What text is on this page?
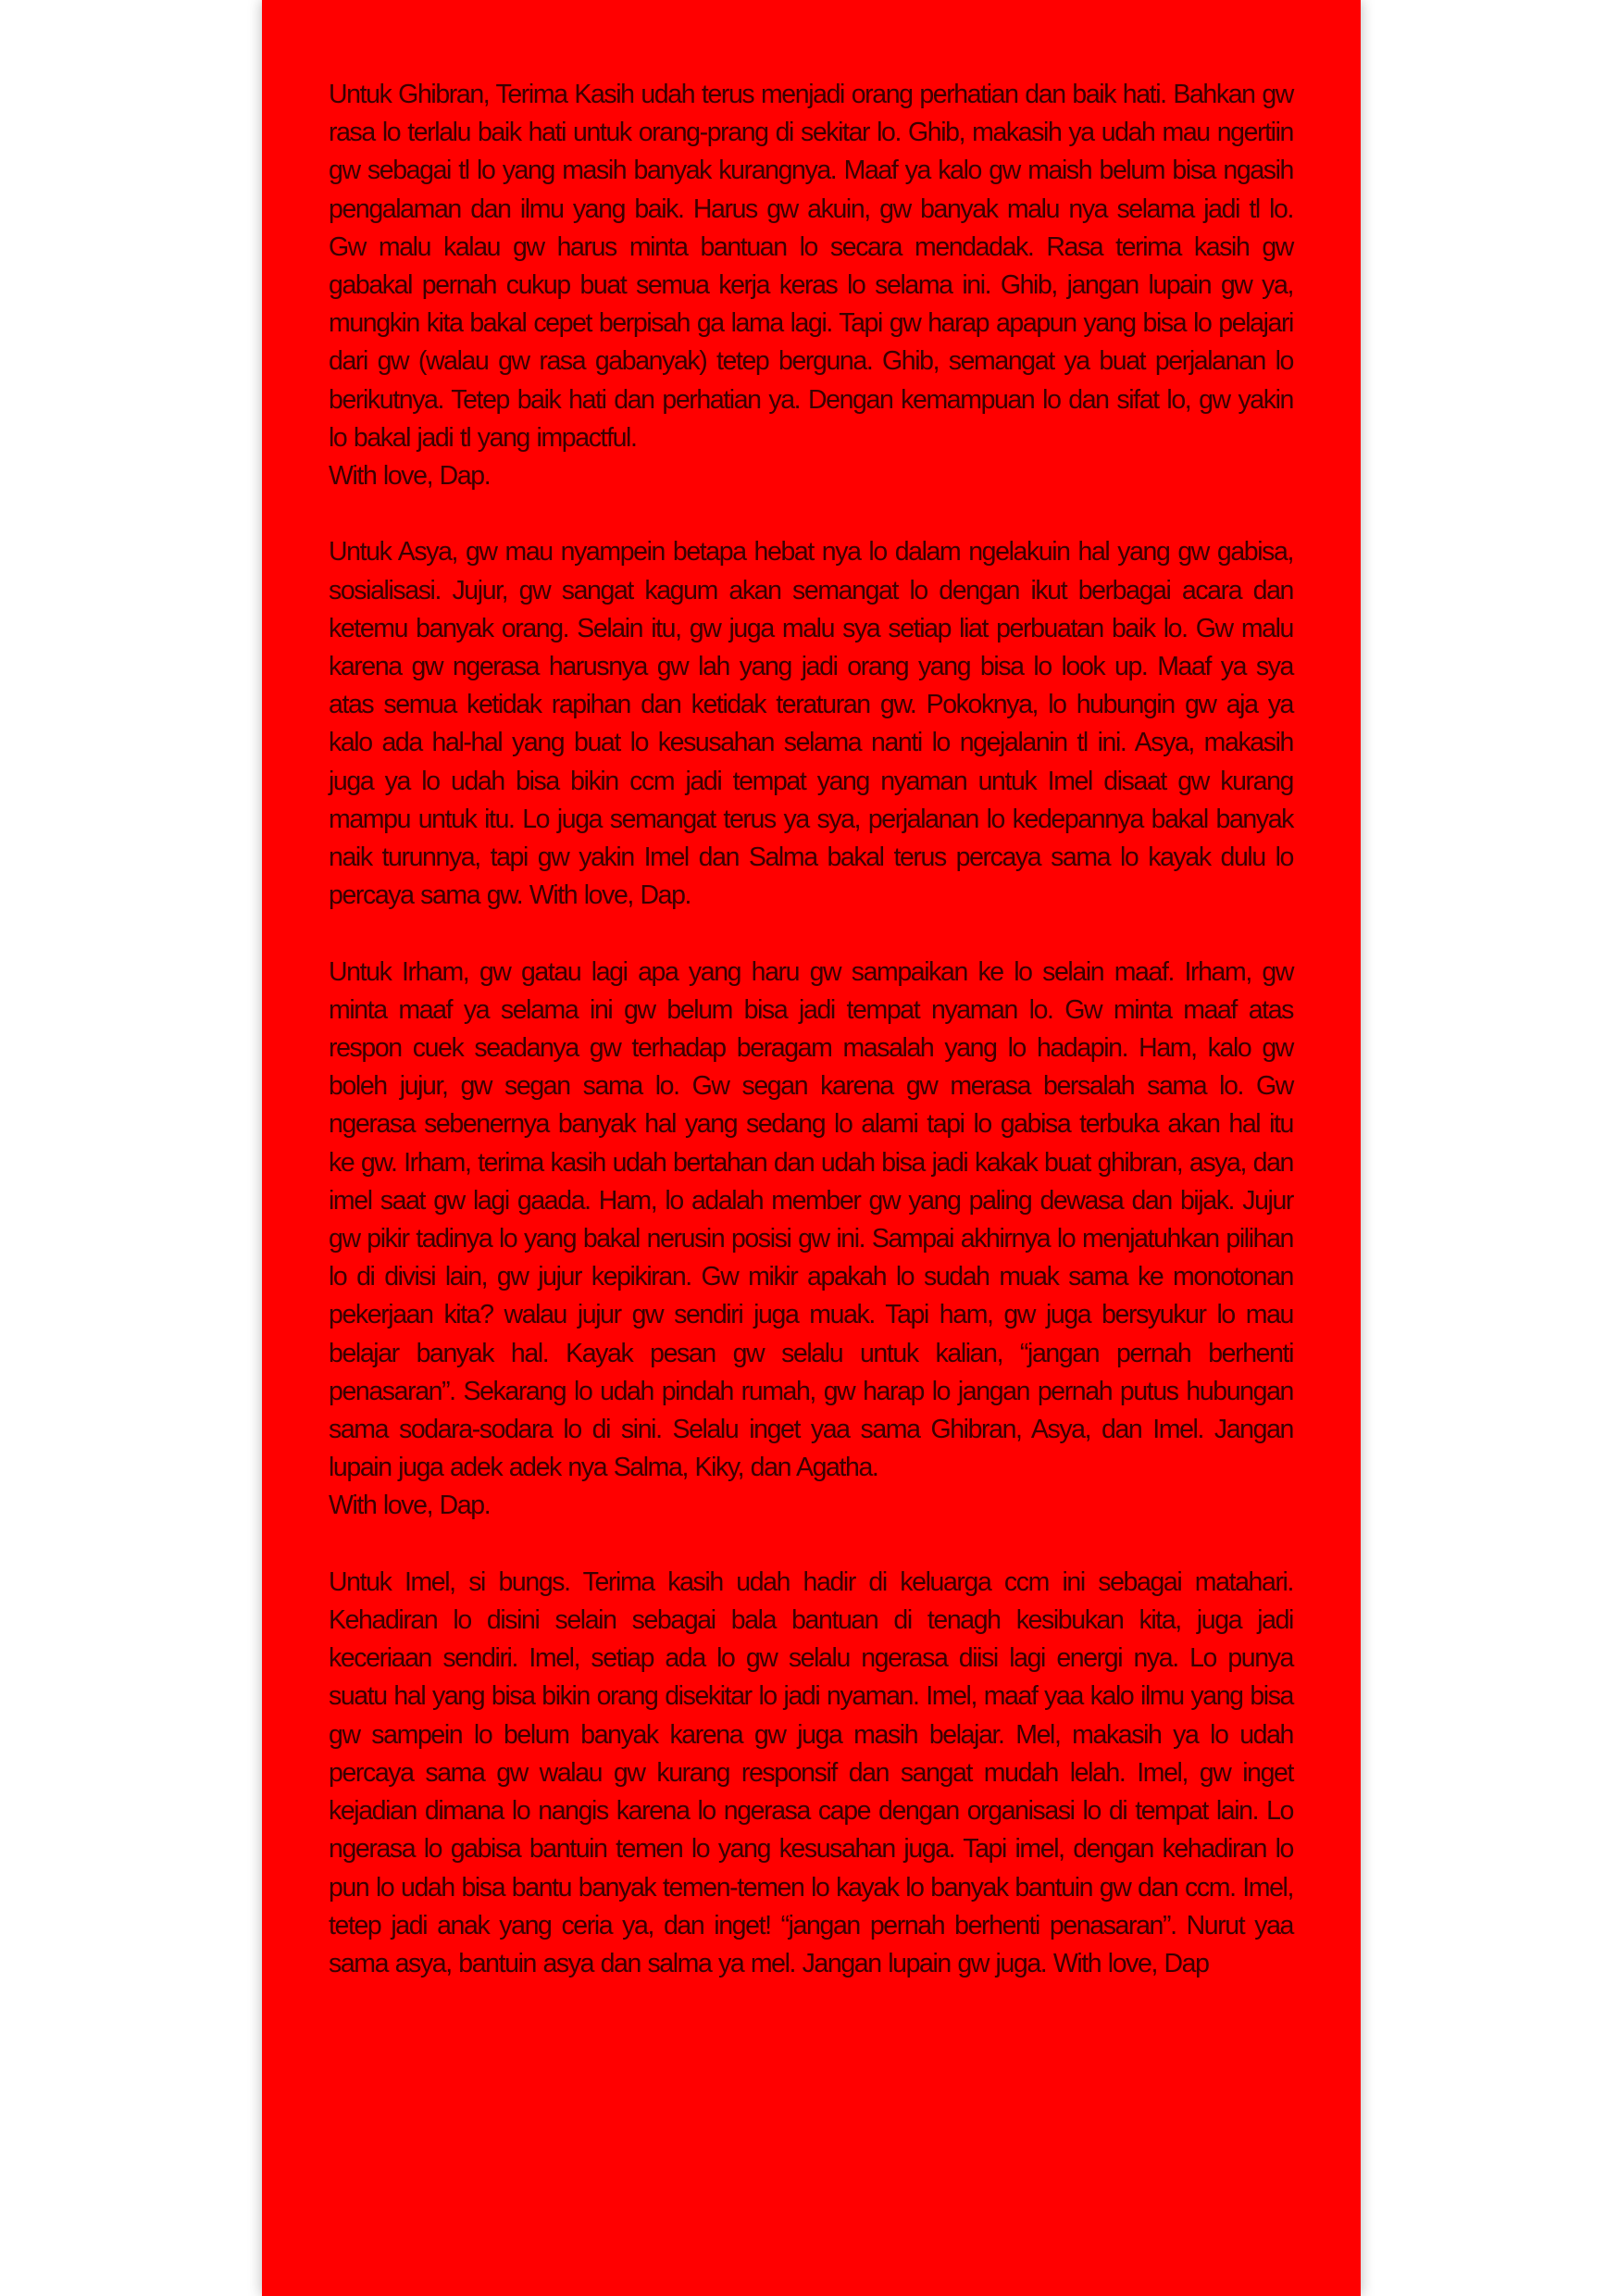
Untuk Ghibran, Terima Kasih udah terus menjadi orang perhatian dan baik hati. Bahkan gw rasa lo terlalu baik hati untuk orang-prang di sekitar lo. Ghib, makasih ya udah mau ngertiin gw sebagai tl lo yang masih banyak kurangnya. Maaf ya kalo gw maish belum bisa ngasih pengalaman dan ilmu yang baik. Harus gw akuin, gw banyak malu nya selama jadi tl lo. Gw malu kalau gw harus minta bantuan lo secara mendadak. Rasa terima kasih gw gabakal pernah cukup buat semua kerja keras lo selama ini. Ghib, jangan lupain gw ya, mungkin kita bakal cepet berpisah ga lama lagi. Tapi gw harap apapun yang bisa lo pelajari dari gw (walau gw rasa gabanyak) tetep berguna. Ghib, semangat ya buat perjalanan lo berikutnya. Tetep baik hati dan perhatian ya. Dengan kemampuan lo dan sifat lo, gw yakin lo bakal jadi tl yang impactful.
With love, Dap.
Untuk Asya, gw mau nyampein betapa hebat nya lo dalam ngelakuin hal yang gw gabisa, sosialisasi. Jujur, gw sangat kagum akan semangat lo dengan ikut berbagai acara dan ketemu banyak orang. Selain itu, gw juga malu sya setiap liat perbuatan baik lo. Gw malu karena gw ngerasa harusnya gw lah yang jadi orang yang bisa lo look up. Maaf ya sya atas semua ketidak rapihan dan ketidak teraturan gw. Pokoknya, lo hubungin gw aja ya kalo ada hal-hal yang buat lo kesusahan selama nanti lo ngejalanin tl ini. Asya, makasih juga ya lo udah bisa bikin ccm jadi tempat yang nyaman untuk Imel disaat gw kurang mampu untuk itu. Lo juga semangat terus ya sya, perjalanan lo kedepannya bakal banyak naik turunnya, tapi gw yakin Imel dan Salma bakal terus percaya sama lo kayak dulu lo percaya sama gw. With love, Dap.
Untuk Irham, gw gatau lagi apa yang haru gw sampaikan ke lo selain maaf. Irham, gw minta maaf ya selama ini gw belum bisa jadi tempat nyaman lo. Gw minta maaf atas respon cuek seadanya gw terhadap beragam masalah yang lo hadapin. Ham, kalo gw boleh jujur, gw segan sama lo. Gw segan karena gw merasa bersalah sama lo. Gw ngerasa sebenernya banyak hal yang sedang lo alami tapi lo gabisa terbuka akan hal itu ke gw. Irham, terima kasih udah bertahan dan udah bisa jadi kakak buat ghibran, asya, dan imel saat gw lagi gaada. Ham, lo adalah member gw yang paling dewasa dan bijak. Jujur gw pikir tadinya lo yang bakal nerusin posisi gw ini. Sampai akhirnya lo menjatuhkan pilihan lo di divisi lain, gw jujur kepikiran. Gw mikir apakah lo sudah muak sama ke monotonan pekerjaan kita? walau jujur gw sendiri juga muak. Tapi ham, gw juga bersyukur lo mau belajar banyak hal. Kayak pesan gw selalu untuk kalian, “jangan pernah berhenti penasaran”. Sekarang lo udah pindah rumah, gw harap lo jangan pernah putus hubungan sama sodara-sodara lo di sini. Selalu inget yaa sama Ghibran, Asya, dan Imel. Jangan lupain juga adek adek nya Salma, Kiky, dan Agatha.
With love, Dap.
Untuk Imel, si bungs. Terima kasih udah hadir di keluarga ccm ini sebagai matahari. Kehadiran lo disini selain sebagai bala bantuan di tenagh kesibukan kita, juga jadi keceriaan sendiri. Imel, setiap ada lo gw selalu ngerasa diisi lagi energi nya. Lo punya suatu hal yang bisa bikin orang disekitar lo jadi nyaman. Imel, maaf yaa kalo ilmu yang bisa gw sampein lo belum banyak karena gw juga masih belajar. Mel, makasih ya lo udah percaya sama gw walau gw kurang responsif dan sangat mudah lelah. Imel, gw inget kejadian dimana lo nangis karena lo ngerasa cape dengan organisasi lo di tempat lain. Lo ngerasa lo gabisa bantuin temen lo yang kesusahan juga. Tapi imel, dengan kehadiran lo pun lo udah bisa bantu banyak temen-temen lo kayak lo banyak bantuin gw dan ccm. Imel, tetep jadi anak yang ceria ya, dan inget! “jangan pernah berhenti penasaran”. Nurut yaa sama asya, bantuin asya dan salma ya mel. Jangan lupain gw juga. With love, Dap
